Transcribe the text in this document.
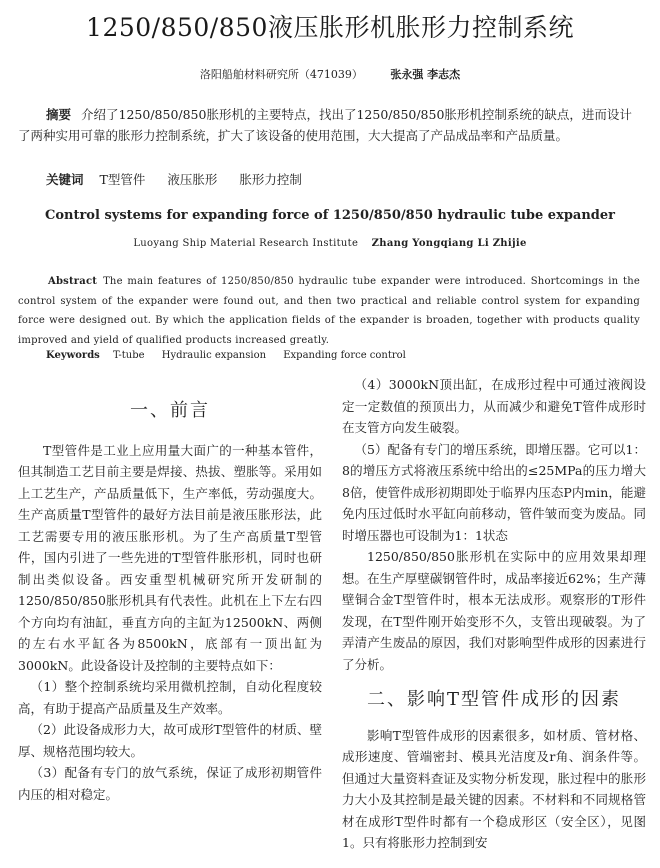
1250/850/850液压胀形机胀形力控制系统
洛阳船舶材料研究所（471039）	张永强 李志杰
摘要 介绍了1250/850/850胀形机的主要特点，找出了1250/850/850胀形机控制系统的缺点，进而设计了两种实用可靠的胀形力控制系统，扩大了该设备的使用范围，大大提高了产品成品率和产品质量。
关键词 T型管件 液压胀形 胀形力控制
Control systems for expanding force of 1250/850/850 hydraulic tube expander
Luoyang Ship Material Research Institute Zhang Yongqiang Li Zhijie
Abstract The main features of 1250/850/850 hydraulic tube expander were introduced. Shortcomings in the control system of the expander were found out, and then two practical and reliable control system for expanding force were designed out. By which the application fields of the expander is broaden, together with products quality improved and yield of qualified products increased greatly.
Keywords T-tube Hydraulic expansion Expanding force control
一、前言

T型管件是工业上应用量大面广的一种基本管件，但其制造工艺目前主要是焊接、热拔、塑胀等。采用如上工艺生产，产品质量低下，生产率低，劳动强度大。生产高质量T型管件的最好方法目前是液压胀形法，此工艺需要专用的液压胀形机。为了生产高质量T型管件，国内引进了一些先进的T型管件胀形机，同时也研制出类似设备。西安重型机械研究所开发研制的1250/850/850胀形机具有代表性。此机在上下左右四个方向均有油缸，垂直方向的主缸为12500kN、两侧的左右水平缸各为8500kN，底部有一顶出缸为3000kN。此设备设计及控制的主要特点如下：

（1）整个控制系统均采用微机控制，自动化程度较高，有助于提高产品质量及生产效率。

（2）此设备成形力大，故可成形T型管件的材质、壁厚、规格范围均较大。

（3）配备有专门的放气系统，保证了成形初期管件内压的相对稳定。

（4）3000kN顶出缸，在成形过程中可通过液阀设定一定数值的预顶出力，从而减少和避免T管件成形时在支管方向发生破裂。

（5）配备有专门的增压系统，即增压器。它可以1：8的增压方式将液压系统中给出的≤25MPa的压力增大8倍，使管件成形初期即处于临界内压态P内min，能避免内压过低时水平缸向前移动，管件皱而变为废品。同时增压器也可设制为1：1状态

1250/850/850胀形机在实际中的应用效果却理想。在生产厚壁碳钢管件时，成品率接近62%；生产薄壁铜合金T型管件时，根本无法成形。观察形的T形件发现，在T型件刚开始变形不久，支管出现破裂。为了弄清产生废品的原因，我们对影响型件成形的因素进行了分析。

二、影响T型管件成形的因素

影响T型管件成形的因素很多，如材质、管材格、成形速度、管端密封、模具光洁度及r角、润条件等。但通过大量资料查证及实物分析发现，胀过程中的胀形力大小及其控制是最关键的因素。不材料和不同规格管材在成形T型件时都有一个稳成形区（安全区），见图1。只有将胀形力控制到安
